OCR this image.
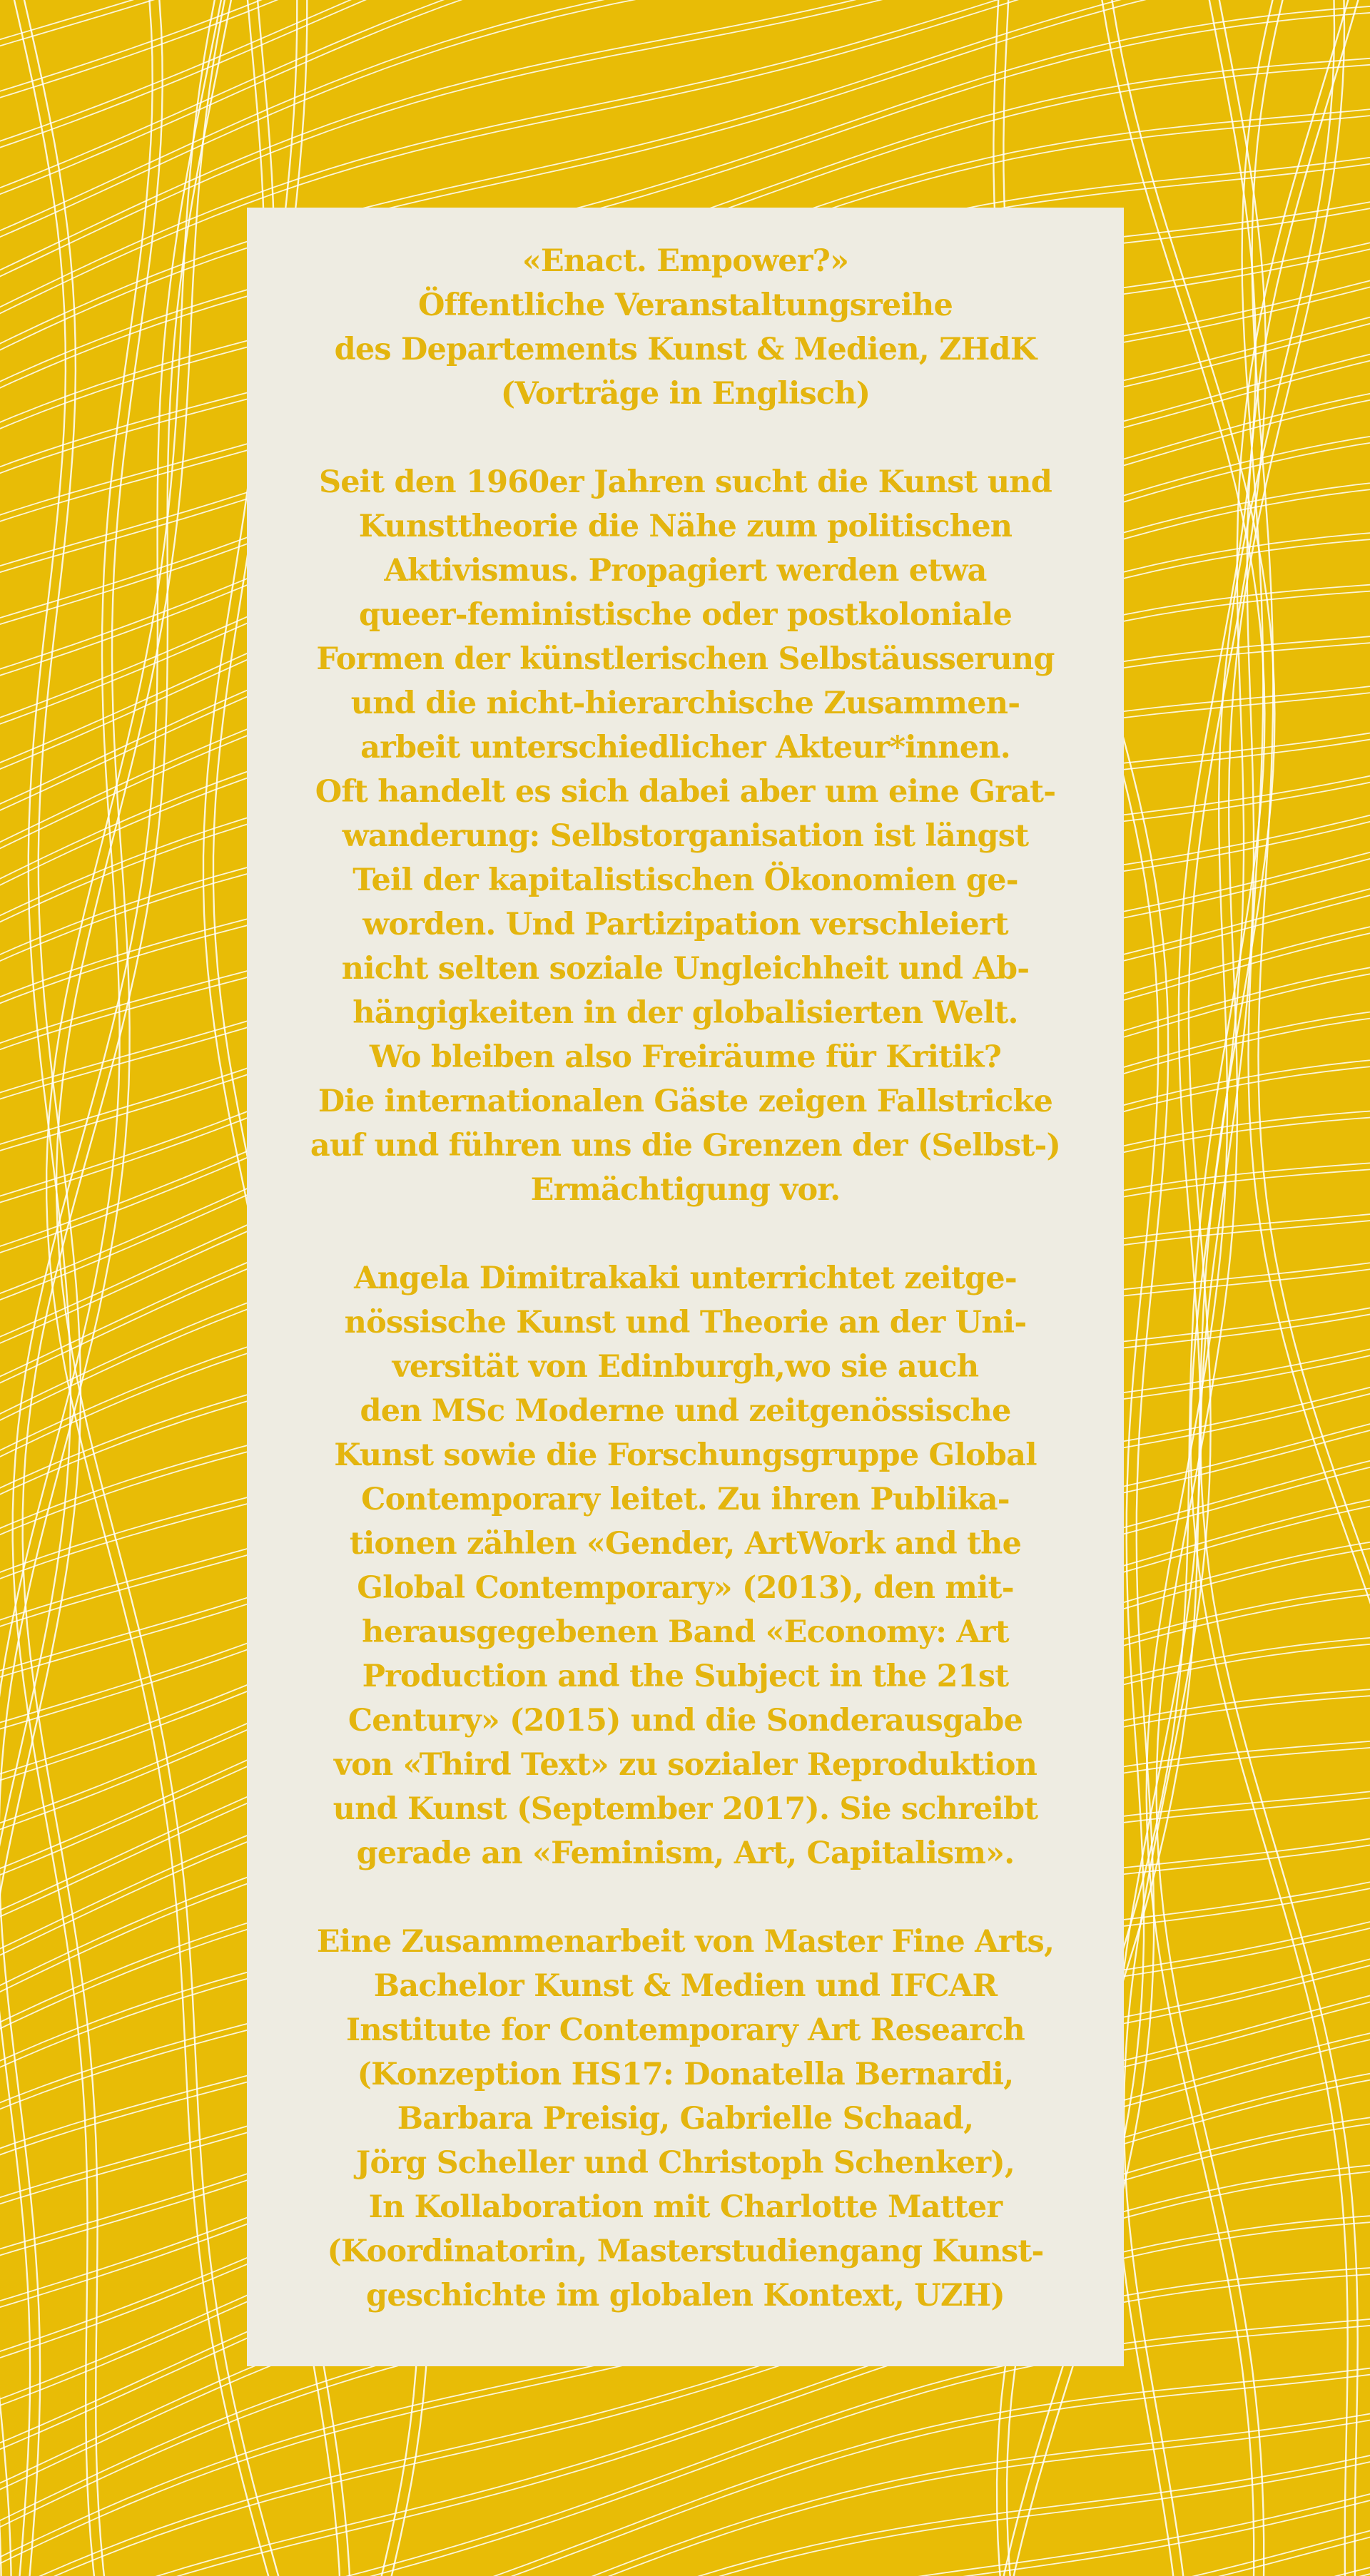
«Enact. Empower?»
Öffentliche Veranstaltungsreihe
des Departements Kunst & Medien, ZHdK
(Vorträge in Englisch)
Seit den 1960er Jahren sucht die Kunst und
Kunsttheorie die Nähe zum politischen
Aktivismus. Propagiert werden etwa
queer-feministische oder postkoloniale
Formen der künstlerischen Selbstäusserung
und die nicht-hierarchische Zusammen-
arbeit unterschiedlicher Akteur*innen.
Oft handelt es sich dabei aber um eine Grat-
wanderung: Selbstorganisation ist längst
Teil der kapitalistischen Ökonomien ge-
worden. Und Partizipation verschleiert
nicht selten soziale Ungleichheit und Ab-
hängigkeiten in der globalisierten Welt.
Wo bleiben also Freiräume für Kritik?
Die internationalen Gäste zeigen Fallstricke
auf und führen uns die Grenzen der (Selbst-)
Ermächtigung vor.
Angela Dimitrakaki unterrichtet zeitge-
nössische Kunst und Theorie an der Uni-
versität von Edinburgh,wo sie auch
den MSc Moderne und zeitgenössische
Kunst sowie die Forschungsgruppe Global
Contemporary leitet. Zu ihren Publika-
tionen zählen «Gender, ArtWork and the
Global Contemporary» (2013), den mit-
herausgegebenen Band «Economy: Art
Production and the Subject in the 21st
Century» (2015) und die Sonderausgabe
von «Third Text» zu sozialer Reproduktion
und Kunst (September 2017). Sie schreibt
gerade an «Feminism, Art, Capitalism».
Eine Zusammenarbeit von Master Fine Arts,
Bachelor Kunst & Medien und IFCAR
Institute for Contemporary Art Research
(Konzeption HS17: Donatella Bernardi,
Barbara Preisig, Gabrielle Schaad,
Jörg Scheller und Christoph Schenker),
In Kollaboration mit Charlotte Matter
(Koordinatorin, Masterstudiengang Kunst-
geschichte im globalen Kontext, UZH)
